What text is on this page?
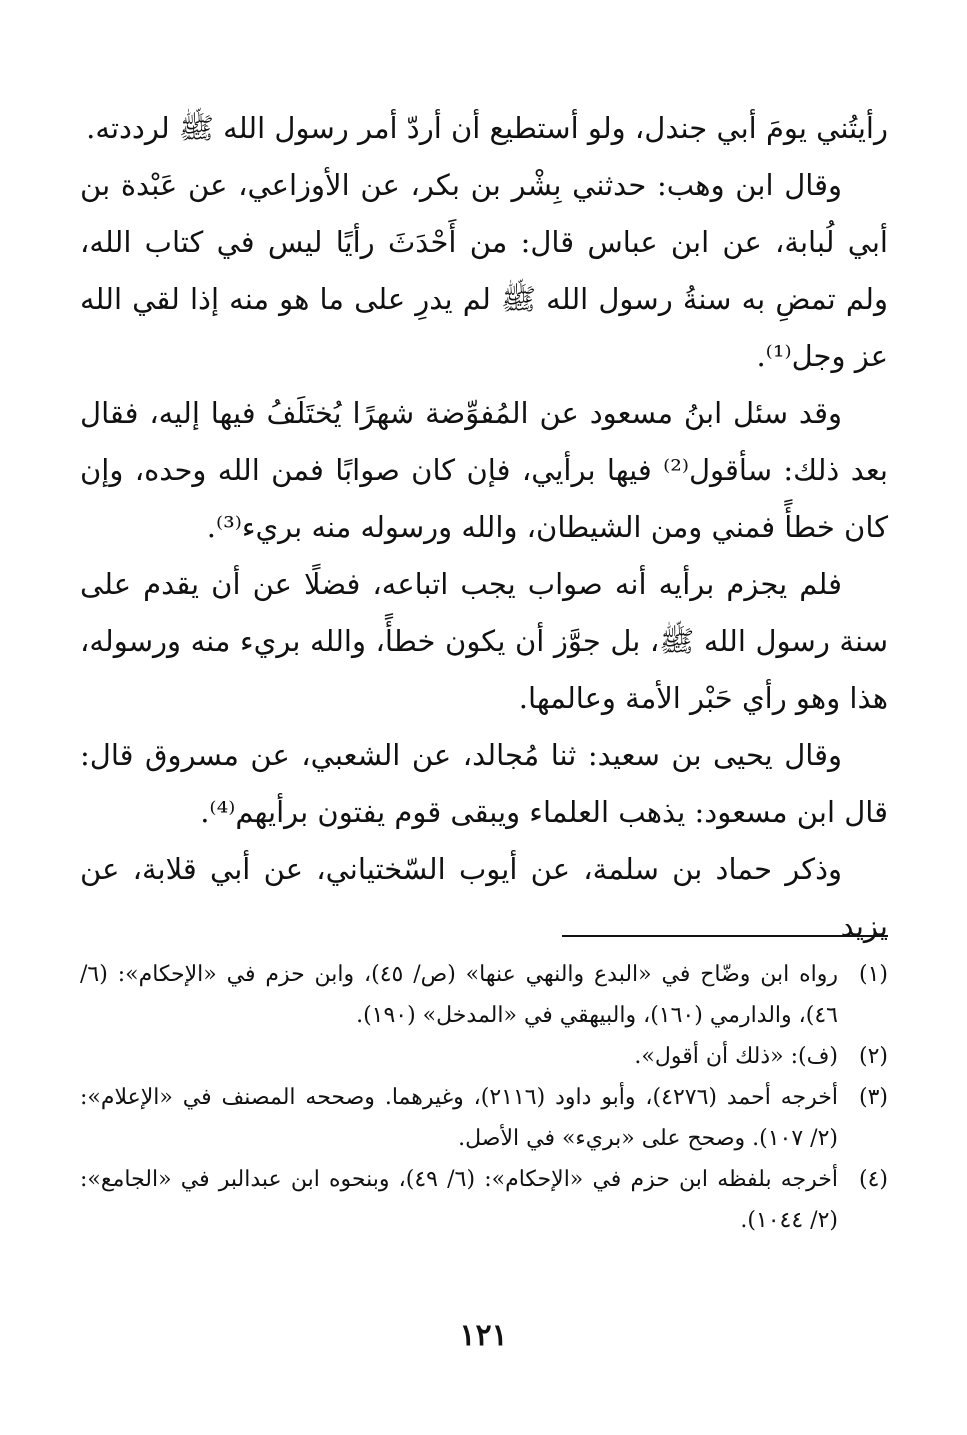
رأيتُني يومَ أبي جندل، ولو أستطيع أن أردّ أمر رسول الله ﷺ لرددته.

وقال ابن وهب: حدثني بِشْر بن بكر، عن الأوزاعي، عن عَبْدة بن أبي لُبابة، عن ابن عباس قال: من أَحْدَثَ رأيًا ليس في كتاب الله، ولم تمضِ به سنةُ رسول الله ﷺ لم يدرِ على ما هو منه إذا لقي الله عز وجل⁽¹⁾.

وقد سئل ابنُ مسعود عن المُفوِّضة شهرًا يُختَلَفُ فيها إليه، فقال بعد ذلك: سأقول⁽²⁾ فيها برأيي، فإن كان صوابًا فمن الله وحده، وإن كان خطأً فمني ومن الشيطان، والله ورسوله منه بريء⁽³⁾.

فلم يجزم برأيه أنه صواب يجب اتباعه، فضلًا عن أن يقدم على سنة رسول الله ﷺ، بل جوَّز أن يكون خطأً، والله بريء منه ورسوله، هذا وهو رأي حَبْر الأمة وعالمها.

وقال يحيى بن سعيد: ثنا مُجالد، عن الشعبي، عن مسروق قال: قال ابن مسعود: يذهب العلماء ويبقى قوم يفتون برأيهم⁽⁴⁾.

وذكر حماد بن سلمة، عن أيوب السّختياني، عن أبي قلابة، عن يزيد

(١)
رواه ابن وضّاح في «البدع والنهي عنها» (ص/ ٤٥)، وابن حزم في «الإحكام»: (٦/ ٤٦)، والدارمي (١٦٠)، والبيهقي في «المدخل» (١٩٠).
(٢)
(ف): «ذلك أن أقول».
(٣)
أخرجه أحمد (٤٢٧٦)، وأبو داود (٢١١٦)، وغيرهما. وصححه المصنف في «الإعلام»: (٢/ ١٠٧). وصحح على «بريء» في الأصل.
(٤)
أخرجه بلفظه ابن حزم في «الإحكام»: (٦/ ٤٩)، وبنحوه ابن عبدالبر في «الجامع»: (٢/ ١٠٤٤).
١٢١
